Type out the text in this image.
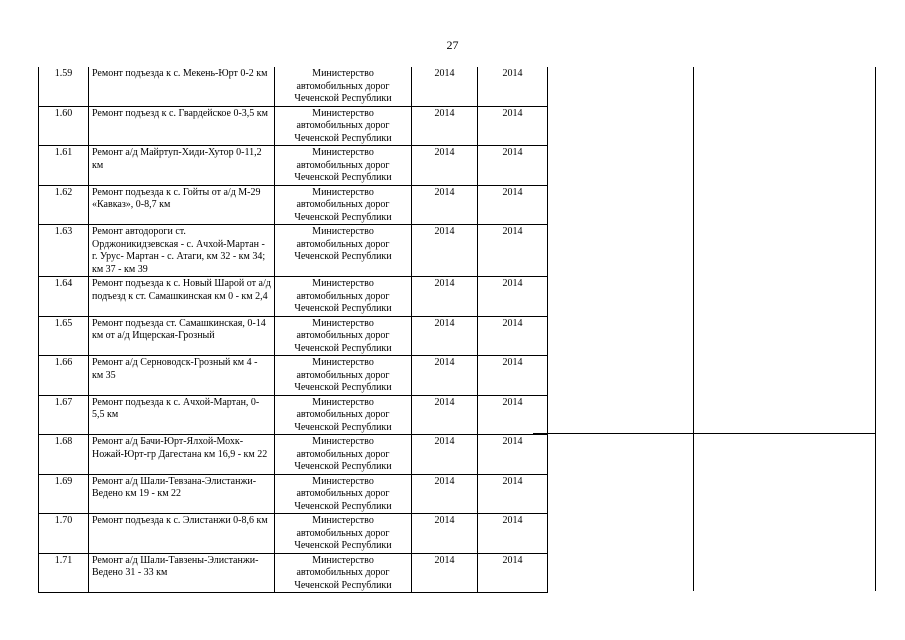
27
1.59	Ремонт подъезда к с. Мекень-Юрт 0-2 км	Министерство автомобильных дорог Чеченской Республики	2014	2014
1.60	Ремонт подъезд к с. Гвардейское 0-3,5 км	Министерство автомобильных дорог Чеченской Республики	2014	2014
1.61	Ремонт а/д Майртуп-Хиди-Хутор 0-11,2 км	Министерство автомобильных дорог Чеченской Республики	2014	2014
1.62	Ремонт подъезда к с. Гойты от а/д М-29 «Кавказ», 0-8,7 км	Министерство автомобильных дорог Чеченской Республики	2014	2014
1.63	Ремонт автодороги ст. Орджоникидзевская - с. Ачхой-Мартан - г. Урус- Мартан - с. Атаги, км 32 - км 34; км 37 - км 39	Министерство автомобильных дорог Чеченской Республики	2014	2014
1.64	Ремонт подъезда к с. Новый Шарой от а/д подъезд к ст. Самашкинская км 0 - км 2,4	Министерство автомобильных дорог Чеченской Республики	2014	2014
1.65	Ремонт подъезда ст. Самашкинская, 0-14 км от а/д Ищерская-Грозный	Министерство автомобильных дорог Чеченской Республики	2014	2014
1.66	Ремонт а/д Серноводск-Грозный км 4 - км 35	Министерство автомобильных дорог Чеченской Республики	2014	2014
1.67	Ремонт подъезда к с. Ачхой-Мартан, 0-5,5 км	Министерство автомобильных дорог Чеченской Республики	2014	2014
1.68	Ремонт а/д Бачи-Юрт-Ялхой-Мохк-Ножай-Юрт-гр Дагестана км 16,9 - км 22	Министерство автомобильных дорог Чеченской Республики	2014	2014
1.69	Ремонт а/д Шали-Тевзана-Элистанжи-Ведено км 19 - км 22	Министерство автомобильных дорог Чеченской Республики	2014	2014
1.70	Ремонт подъезда к с. Элистанжи 0-8,6 км	Министерство автомобильных дорог Чеченской Республики	2014	2014
1.71	Ремонт а/д Шали-Тавзены-Элистанжи-Ведено 31 - 33 км	Министерство автомобильных дорог Чеченской Республики	2014	2014
